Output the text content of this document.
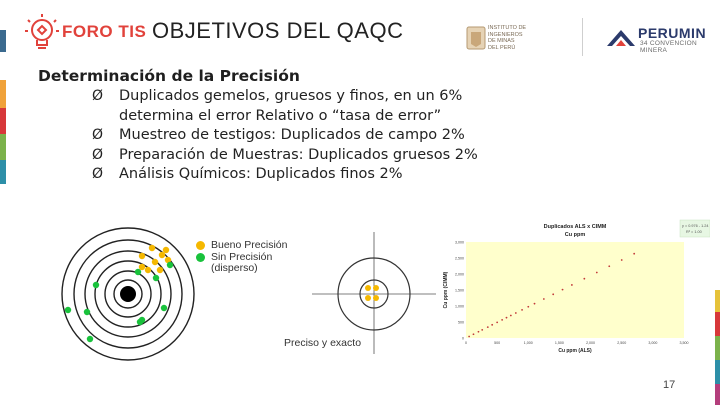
FORO TIS OBJETIVOS DEL QAQC	INSTITUTO DE
INGENIEROS
DE MINAS
DEL PERÚ
PERUMIN
34 CONVENCION MINERA
Determinación de la Precisión
Ø Duplicados gemelos, gruesos y finos, en un 6% determina el error Relativo o “tasa de error”
Ø Muestreo de testigos: Duplicados de campo 2%
Ø Preparación de Muestras: Duplicados gruesos 2%
Ø Análisis Químicos: Duplicados finos 2%
Bueno Precisión
Sin Precisión
(disperso)
Preciso y exacto
Duplicados ALS x CIMM
Cu ppm
y = 0.976 - 1.24
R² = 1.00
Cu ppm (ALS)
Cu ppm (CIMM)
0	500	1,000	1,500	2,000	2,500	3,000	3,500
0
500
1,000
1,500
2,000
2,500
3,000
17
